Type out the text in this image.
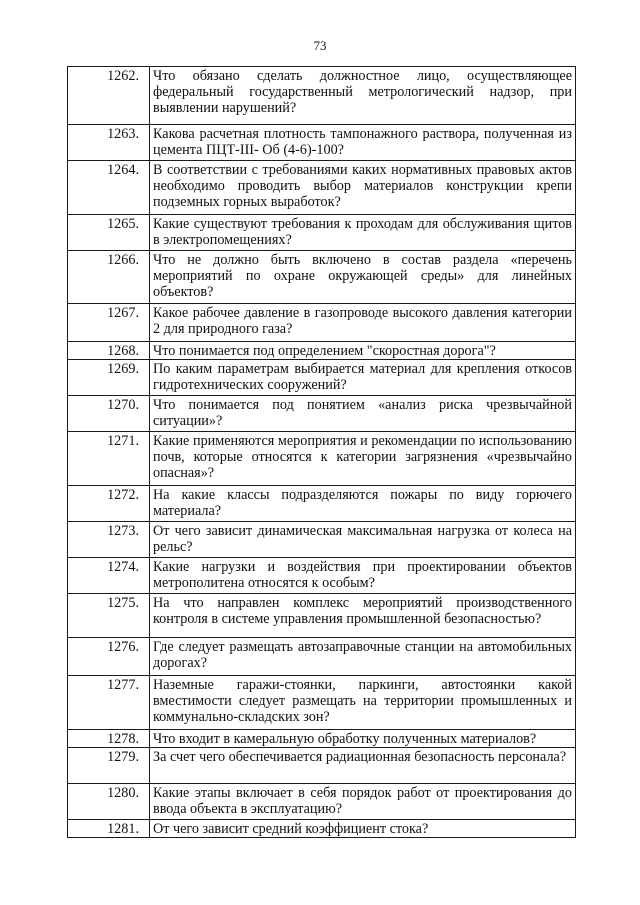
73
1262.	Что обязано сделать должностное лицо, осуществляющее федеральный государственный метрологический надзор, при выявлении нарушений?
1263.	Какова расчетная плотность тампонажного раствора, полученная из цемента ПЦТ-III- Об (4-6)-100?
1264.	В соответствии с требованиями каких нормативных правовых актов необходимо проводить выбор материалов конструкции крепи подземных горных выработок?
1265.	Какие существуют требования к проходам для обслуживания щитов в электропомещениях?
1266.	Что не должно быть включено в состав раздела «перечень мероприятий по охране окружающей среды» для линейных объектов?
1267.	Какое рабочее давление в газопроводе высокого давления категории 2 для природного газа?
1268.	Что понимается под определением "скоростная дорога"?
1269.	По каким параметрам выбирается материал для крепления откосов гидротехнических сооружений?
1270.	Что понимается под понятием «анализ риска чрезвычайной ситуации»?
1271.	Какие применяются мероприятия и рекомендации по использованию почв, которые относятся к категории загрязнения «чрезвычайно опасная»?
1272.	На какие классы подразделяются пожары по виду горючего материала?
1273.	От чего зависит динамическая максимальная нагрузка от колеса на рельс?
1274.	Какие нагрузки и воздействия при проектировании объектов метрополитена относятся к особым?
1275.	На что направлен комплекс мероприятий производственного контроля в системе управления промышленной безопасностью?
1276.	Где следует размещать автозаправочные станции на автомобильных дорогах?
1277.	Наземные гаражи-стоянки, паркинги, автостоянки какой вместимости следует размещать на территории промышленных и коммунально-складских зон?
1278.	Что входит в камеральную обработку полученных материалов?
1279.	За счет чего обеспечивается радиационная безопасность персонала?
1280.	Какие этапы включает в себя порядок работ от проектирования до ввода объекта в эксплуатацию?
1281.	От чего зависит средний коэффициент стока?
